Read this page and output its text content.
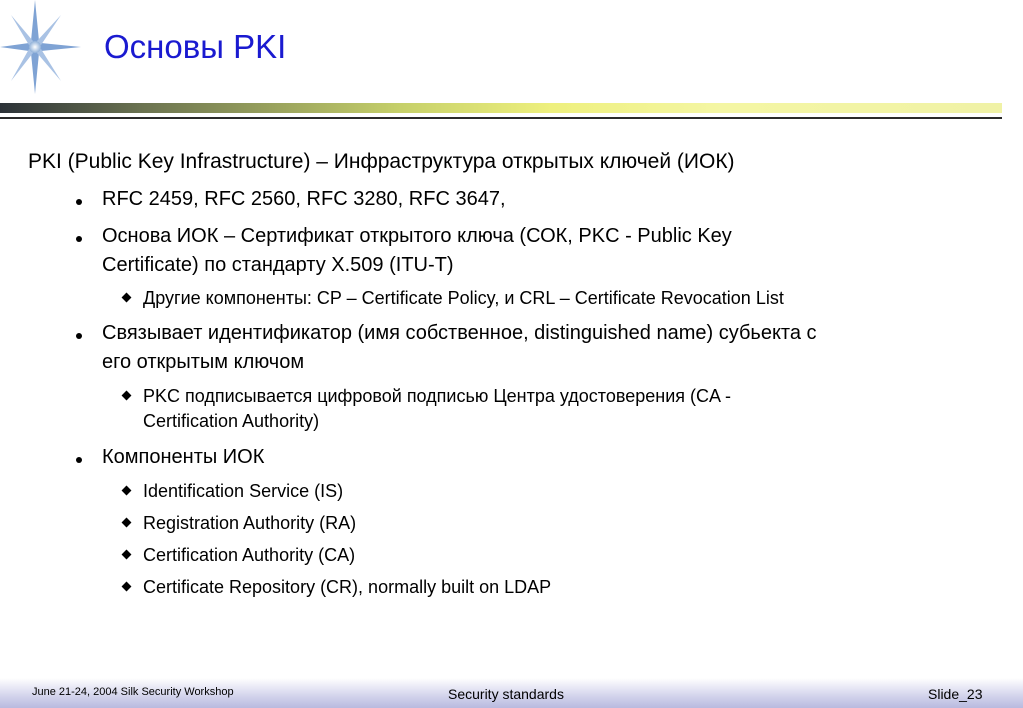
Основы PKI
PKI (Public Key Infrastructure) – Инфраструктура открытых ключей (ИОК)
RFC 2459, RFC 2560, RFC 3280, RFC 3647,
Основа ИОК – Сертификат открытого ключа (СОК, PKC - Public Key
Certificate) по стандарту X.509 (ITU-T)
Другие компоненты: CP – Certificate Policy, и CRL – Certificate Revocation List
Связывает идентификатор (имя собственное, distinguished name) субьекта с
его открытым ключом
PKC подписывается цифровой подписью Центра удостоверения (CA -
Certification Authority)
Компоненты ИОК
Identification Service (IS)
Registration Authority (RA)
Certification Authority (CA)
Certificate Repository (CR), normally built on LDAP
June 21-24, 2004 Silk Security Workshop	Security standards	Slide_23
